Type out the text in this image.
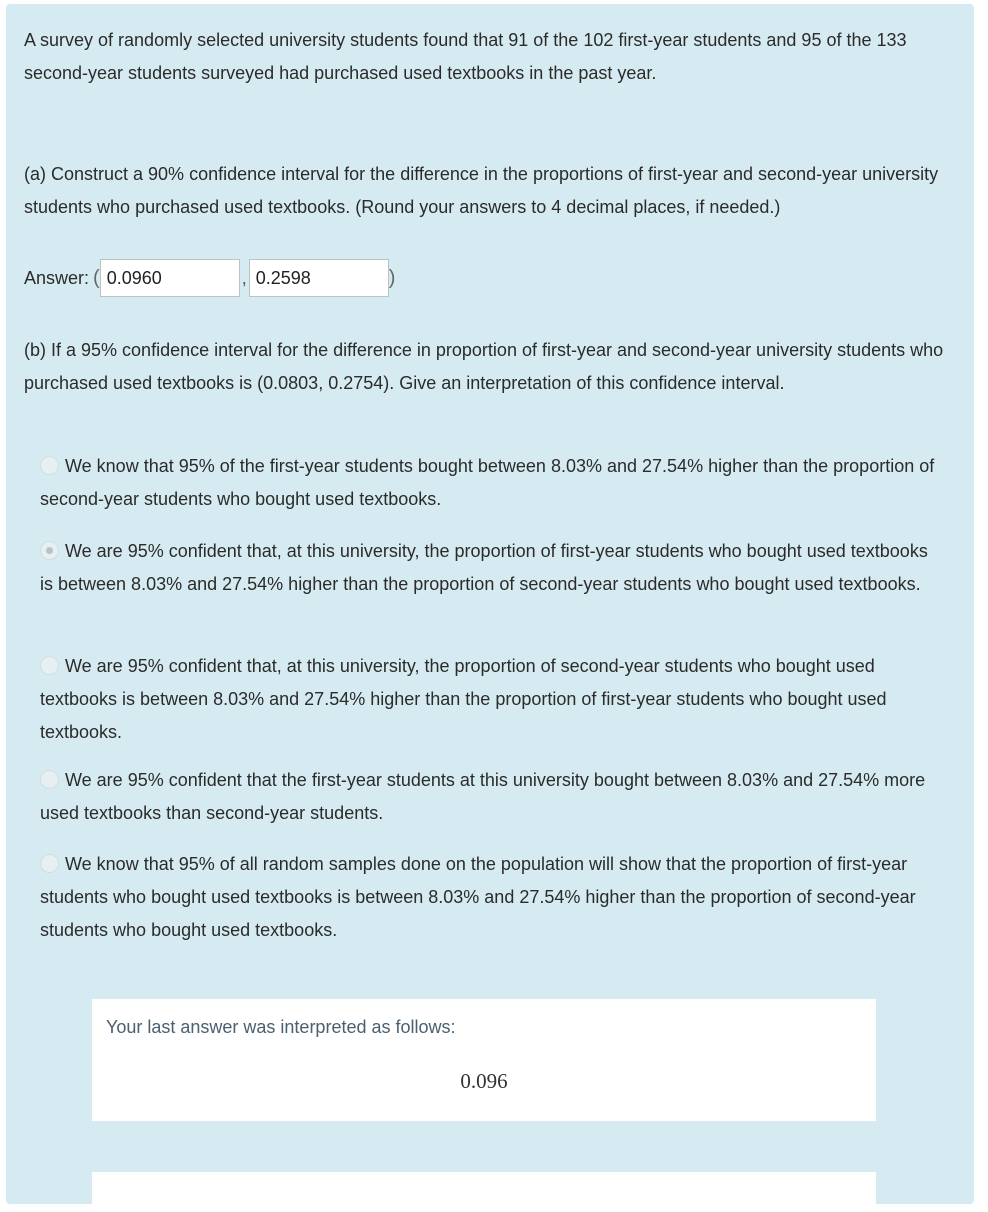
A survey of randomly selected university students found that 91 of the 102 first-year students and 95 of the 133 second-year students surveyed had purchased used textbooks in the past year.
(a) Construct a 90% confidence interval for the difference in the proportions of first-year and second-year university students who purchased used textbooks. (Round your answers to 4 decimal places, if needed.)
Answer: (
0.0960	,
0.2598	)
(b) If a 95% confidence interval for the difference in proportion of first-year and second-year university students who purchased used textbooks is (0.0803, 0.2754). Give an interpretation of this confidence interval.
We know that 95% of the first-year students bought between 8.03% and 27.54% higher than the proportion of second-year students who bought used textbooks.
We are 95% confident that, at this university, the proportion of first-year students who bought used textbooks is between 8.03% and 27.54% higher than the proportion of second-year students who bought used textbooks.
We are 95% confident that, at this university, the proportion of second-year students who bought used textbooks is between 8.03% and 27.54% higher than the proportion of first-year students who bought used textbooks.
We are 95% confident that the first-year students at this university bought between 8.03% and 27.54% more used textbooks than second-year students.
We know that 95% of all random samples done on the population will show that the proportion of first-year students who bought used textbooks is between 8.03% and 27.54% higher than the proportion of second-year students who bought used textbooks.
Your last answer was interpreted as follows:
0.096
